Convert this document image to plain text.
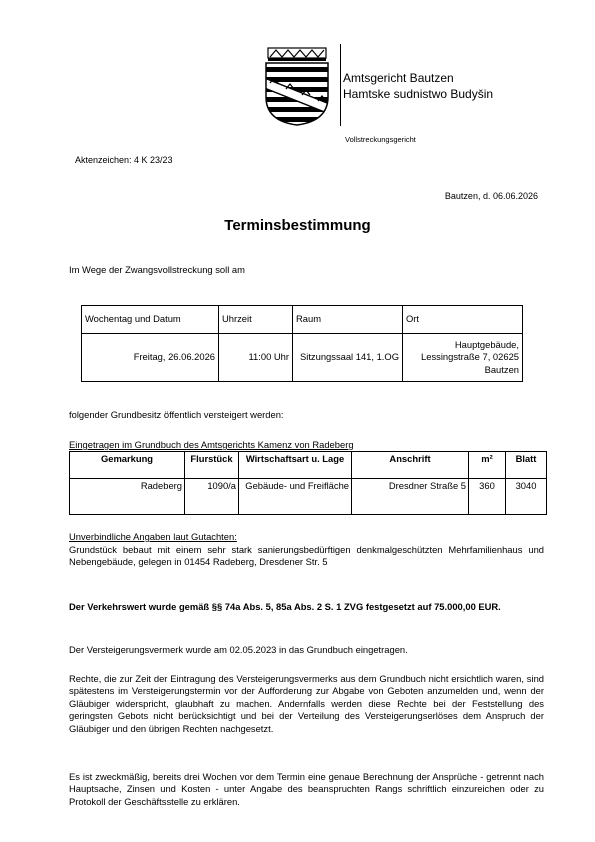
Amtsgericht Bautzen
Hamtske sudnistwo Budyšin
Vollstreckungsgericht
Aktenzeichen: 4 K 23/23
Bautzen, d. 06.06.2026
Terminsbestimmung
Im Wege der Zwangsvollstreckung soll am
Wochentag und Datum	Uhrzeit	Raum	Ort
Freitag, 26.06.2026	11:00 Uhr	Sitzungssaal 141, 1.OG	Hauptgebäude, Lessingstraße 7, 02625 Bautzen
folgender Grundbesitz öffentlich versteigert werden:
Eingetragen im Grundbuch des Amtsgerichts Kamenz von Radeberg
Gemarkung	Flurstück	Wirtschaftsart u. Lage	Anschrift	m²	Blatt
Radeberg	1090/a	Gebäude- und Freifläche	Dresdner Straße 5	360	3040
Unverbindliche Angaben laut Gutachten:
Grundstück bebaut mit einem sehr stark sanierungsbedürftigen denkmalgeschützten Mehrfamilienhaus und Nebengebäude, gelegen in 01454 Radeberg, Dresdener Str. 5
Der Verkehrswert wurde gemäß §§ 74a Abs. 5, 85a Abs. 2 S. 1 ZVG festgesetzt auf 75.000,00 EUR.
Der Versteigerungsvermerk wurde am 02.05.2023 in das Grundbuch eingetragen.
Rechte, die zur Zeit der Eintragung des Versteigerungsvermerks aus dem Grundbuch nicht ersichtlich waren, sind spätestens im Versteigerungstermin vor der Aufforderung zur Abgabe von Geboten anzumelden und, wenn der Gläubiger widerspricht, glaubhaft zu machen. Andernfalls werden diese Rechte bei der Feststellung des geringsten Gebots nicht berücksichtigt und bei der Verteilung des Versteigerungserlöses dem Anspruch der Gläubiger und den übrigen Rechten nachgesetzt.
Es ist zweckmäßig, bereits drei Wochen vor dem Termin eine genaue Berechnung der Ansprüche - getrennt nach Hauptsache, Zinsen und Kosten - unter Angabe des beanspruchten Rangs schriftlich einzureichen oder zu Protokoll der Geschäftsstelle zu erklären.
